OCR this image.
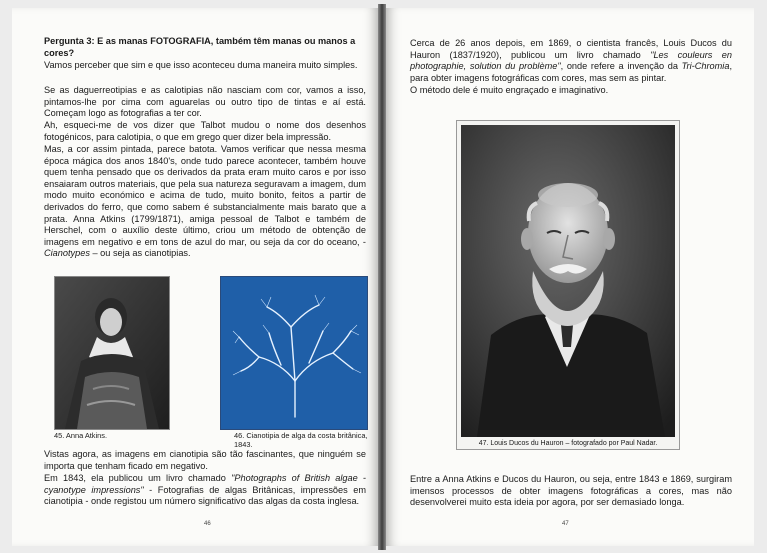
Pergunta 3: E as manas FOTOGRAFIA, também têm manas ou manos a cores?

Vamos perceber que sim e que isso aconteceu duma maneira muito simples.

Se as daguerreotipias e as calotipias não nasciam com cor, vamos a isso, pintamos-lhe por cima com aguarelas ou outro tipo de tintas e aí está. Começam logo as fotografias a ter cor.

Ah, esqueci-me de vos dizer que Talbot mudou o nome dos desenhos fotogénicos, para calotipia, o que em grego quer dizer bela impressão.

Mas, a cor assim pintada, parece batota. Vamos verificar que nessa mesma época mágica dos anos 1840's, onde tudo parece acontecer, também houve quem tenha pensado que os derivados da prata eram muito caros e por isso ensaiaram outros materiais, que pela sua natureza seguravam a imagem, dum modo muito económico e acima de tudo, muito bonito, feitos a partir de derivados do ferro, que como sabem é substancialmente mais barato que a prata. Anna Atkins (1799/1871), amiga pessoal de Talbot e também de Herschel, com o auxílio deste último, criou um método de obtenção de imagens em negativo e em tons de azul do mar, ou seja da cor do oceano, - Cianotypes – ou seja as cianotipias.

45. Anna Atkins.	46. Cianotipia de alga da costa britânica, 1843.

Vistas agora, as imagens em cianotipia são tão fascinantes, que ninguém se importa que tenham ficado em negativo.

Em 1843, ela publicou um livro chamado "Photographs of British algae - cyanotype impressions" - Fotografias de algas Britânicas, impressões em cianotipia - onde registou um número significativo das algas da costa inglesa.

46

Cerca de 26 anos depois, em 1869, o cientista francês, Louis Ducos du Hauron (1837/1920), publicou um livro chamado "Les couleurs en photographie, solution du problème", onde refere a invenção da Tri-Chromia, para obter imagens fotográficas com cores, mas sem as pintar.

O método dele é muito engraçado e imaginativo.

47. Louis Ducos du Hauron – fotografado por Paul Nadar.

Entre a Anna Atkins e Ducos du Hauron, ou seja, entre 1843 e 1869, surgiram imensos processos de obter imagens fotográficas a cores, mas não desenvolverei muito esta ideia por agora, por ser demasiado longa.

47
